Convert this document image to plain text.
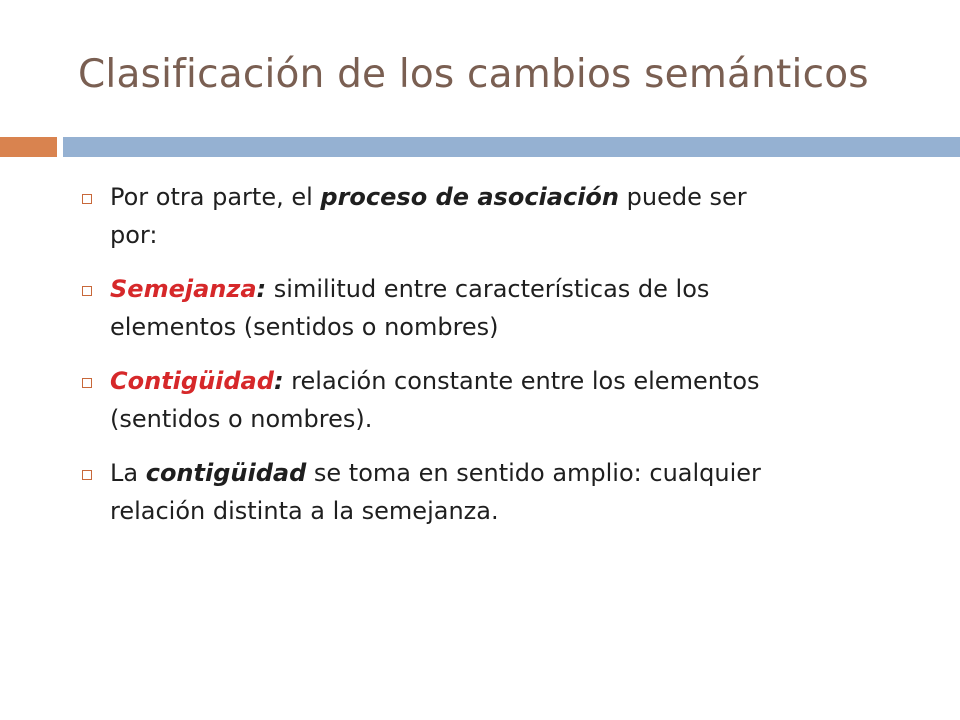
Clasificación de los cambios semánticos
Por otra parte, el proceso de asociación puede ser
por:
Semejanza: similitud entre características de los
elementos (sentidos o nombres)
Contigüidad: relación constante entre los elementos
(sentidos o nombres).
La contigüidad se toma en sentido amplio: cualquier
relación distinta a la semejanza.
